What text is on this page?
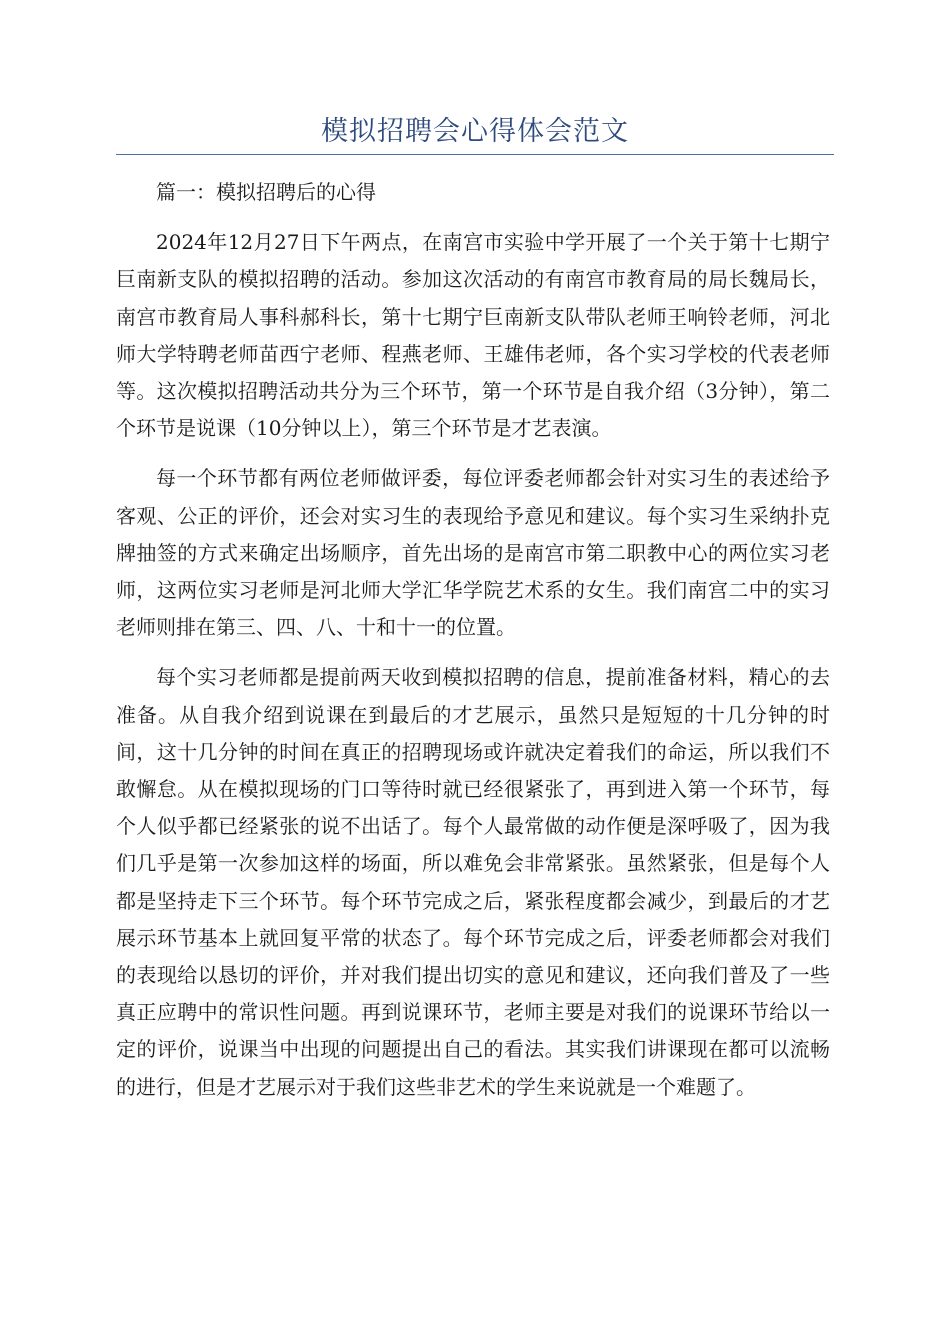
模拟招聘会心得体会范文

篇一：模拟招聘后的心得

2024年12月27日下午两点，在南宫市实验中学开展了一个关于第十七期宁巨南新支队的模拟招聘的活动。参加这次活动的有南宫市教育局的局长魏局长，南宫市教育局人事科郝科长，第十七期宁巨南新支队带队老师王响铃老师，河北师大学特聘老师苗西宁老师、程燕老师、王雄伟老师，各个实习学校的代表老师等。这次模拟招聘活动共分为三个环节，第一个环节是自我介绍（3分钟），第二个环节是说课（10分钟以上），第三个环节是才艺表演。

每一个环节都有两位老师做评委，每位评委老师都会针对实习生的表述给予客观、公正的评价，还会对实习生的表现给予意见和建议。每个实习生采纳扑克牌抽签的方式来确定出场顺序，首先出场的是南宫市第二职教中心的两位实习老师，这两位实习老师是河北师大学汇华学院艺术系的女生。我们南宫二中的实习老师则排在第三、四、八、十和十一的位置。

每个实习老师都是提前两天收到模拟招聘的信息，提前准备材料，精心的去准备。从自我介绍到说课在到最后的才艺展示，虽然只是短短的十几分钟的时间，这十几分钟的时间在真正的招聘现场或许就决定着我们的命运，所以我们不敢懈怠。从在模拟现场的门口等待时就已经很紧张了，再到进入第一个环节，每个人似乎都已经紧张的说不出话了。每个人最常做的动作便是深呼吸了，因为我们几乎是第一次参加这样的场面，所以难免会非常紧张。虽然紧张，但是每个人都是坚持走下三个环节。每个环节完成之后，紧张程度都会减少，到最后的才艺展示环节基本上就回复平常的状态了。每个环节完成之后，评委老师都会对我们的表现给以恳切的评价，并对我们提出切实的意见和建议，还向我们普及了一些真正应聘中的常识性问题。再到说课环节，老师主要是对我们的说课环节给以一定的评价，说课当中出现的问题提出自己的看法。其实我们讲课现在都可以流畅的进行，但是才艺展示对于我们这些非艺术的学生来说就是一个难题了。
